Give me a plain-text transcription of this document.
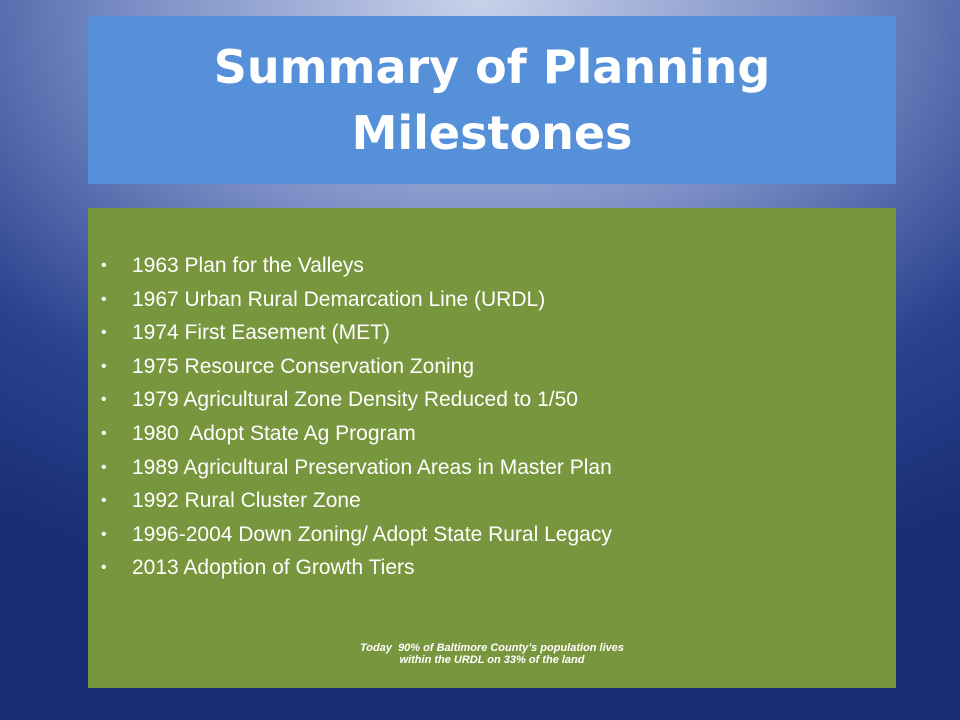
Summary of Planning Milestones
• 1963 Plan for the Valleys
• 1967 Urban Rural Demarcation Line (URDL)
• 1974 First Easement (MET)
• 1975 Resource Conservation Zoning
• 1979 Agricultural Zone Density Reduced to 1/50
• 1980  Adopt State Ag Program
• 1989 Agricultural Preservation Areas in Master Plan
• 1992 Rural Cluster Zone
• 1996-2004 Down Zoning/ Adopt State Rural Legacy
• 2013 Adoption of Growth Tiers
Today  90% of Baltimore County’s population lives
within the URDL on 33% of the land
